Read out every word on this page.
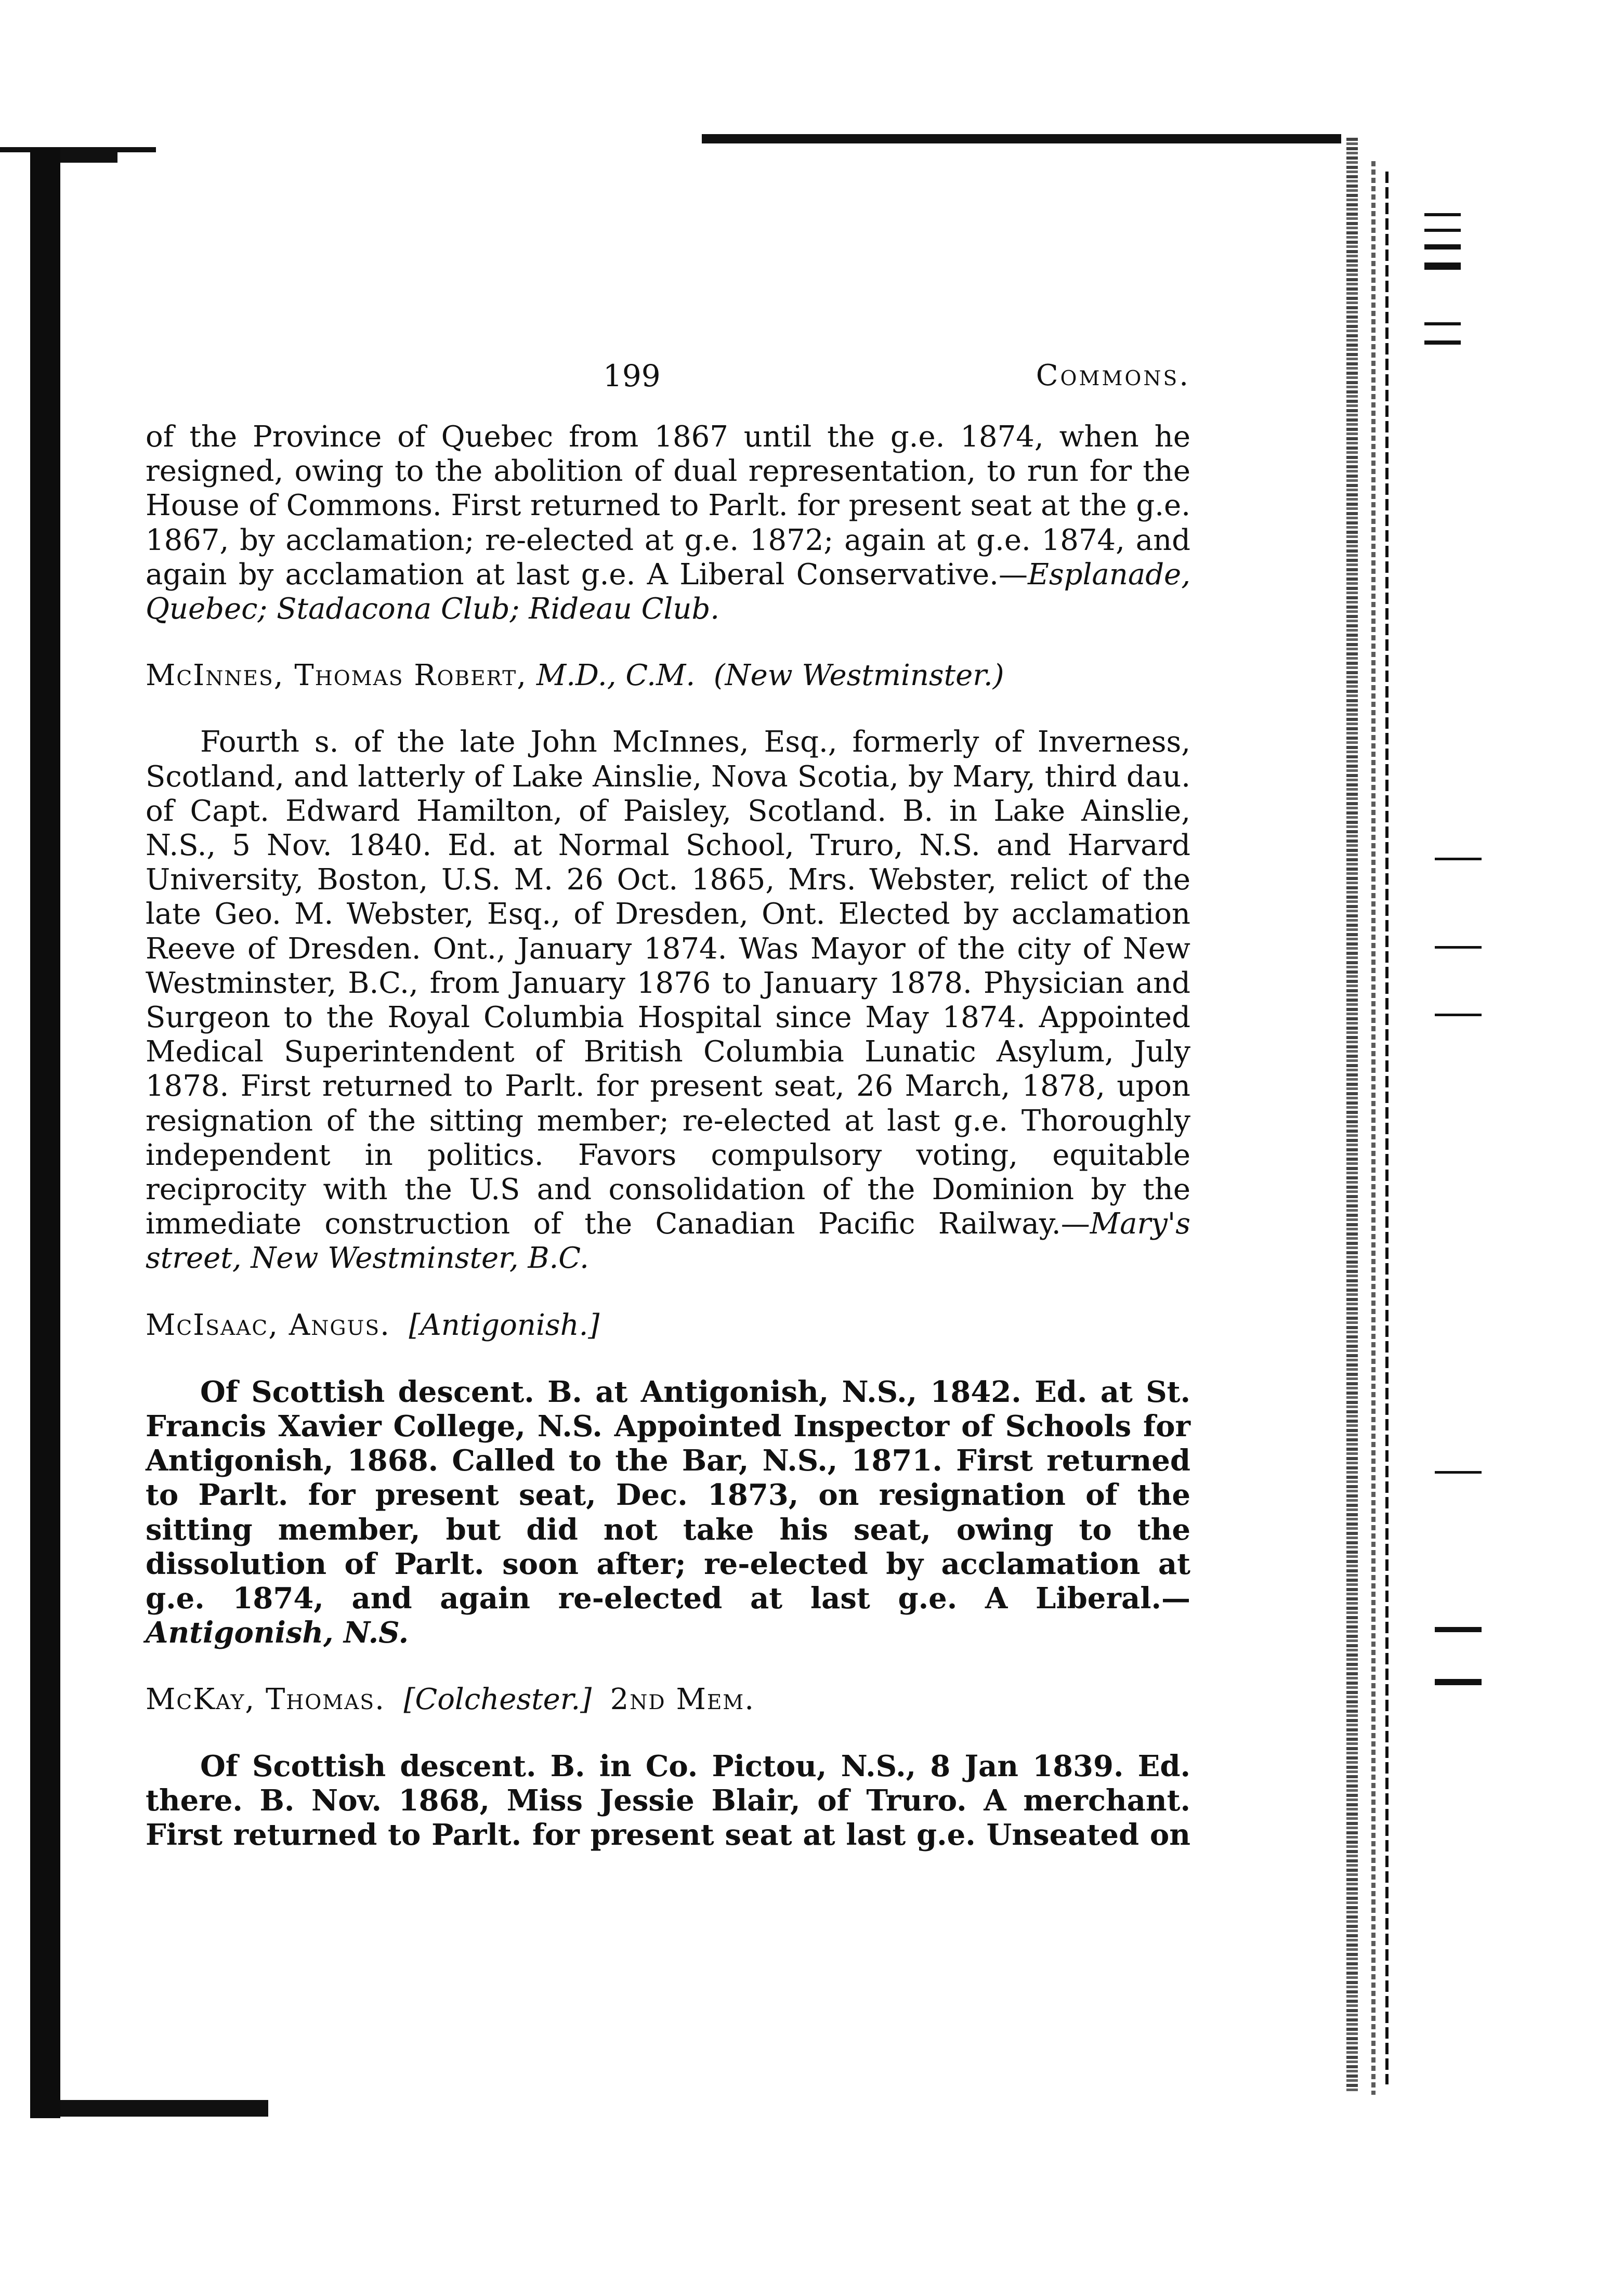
199	Commons.

of the Province of Quebec from 1867 until the g.e. 1874, when he resigned, owing to the abolition of dual representation, to run for the House of Commons. First returned to Parlt. for present seat at the g.e. 1867, by acclamation; re-elected at g.e. 1872; again at g.e. 1874, and again by acclamation at last g.e. A Liberal Conservative.—Esplanade, Quebec; Stadacona Club; Rideau Club.

McInnes, Thomas Robert, M.D., C.M. (New Westminster.)

Fourth s. of the late John McInnes, Esq., formerly of Inverness, Scotland, and latterly of Lake Ainslie, Nova Scotia, by Mary, third dau. of Capt. Edward Hamilton, of Paisley, Scotland. B. in Lake Ainslie, N.S., 5 Nov. 1840. Ed. at Normal School, Truro, N.S. and Harvard University, Boston, U.S. M. 26 Oct. 1865, Mrs. Webster, relict of the late Geo. M. Webster, Esq., of Dresden, Ont. Elected by acclamation Reeve of Dresden. Ont., January 1874. Was Mayor of the city of New Westminster, B.C., from January 1876 to January 1878. Physician and Surgeon to the Royal Columbia Hospital since May 1874. Appointed Medical Superintendent of British Columbia Lunatic Asylum, July 1878. First returned to Parlt. for present seat, 26 March, 1878, upon resignation of the sitting member; re-elected at last g.e. Thoroughly independent in politics. Favors compulsory voting, equitable reciprocity with the U.S and consolidation of the Dominion by the immediate construction of the Canadian Pacific Railway.—Mary's street, New Westminster, B.C.

McIsaac, Angus. [Antigonish.]

Of Scottish descent. B. at Antigonish, N.S., 1842. Ed. at St. Francis Xavier College, N.S. Appointed Inspector of Schools for Antigonish, 1868. Called to the Bar, N.S., 1871. First returned to Parlt. for present seat, Dec. 1873, on resignation of the sitting member, but did not take his seat, owing to the dissolution of Parlt. soon after; re-elected by acclamation at g.e. 1874, and again re-elected at last g.e. A Liberal.—Antigonish, N.S.

McKay, Thomas. [Colchester.] 2nd Mem.

Of Scottish descent. B. in Co. Pictou, N.S., 8 Jan 1839. Ed. there. B. Nov. 1868, Miss Jessie Blair, of Truro. A merchant. First returned to Parlt. for present seat at last g.e. Unseated on
